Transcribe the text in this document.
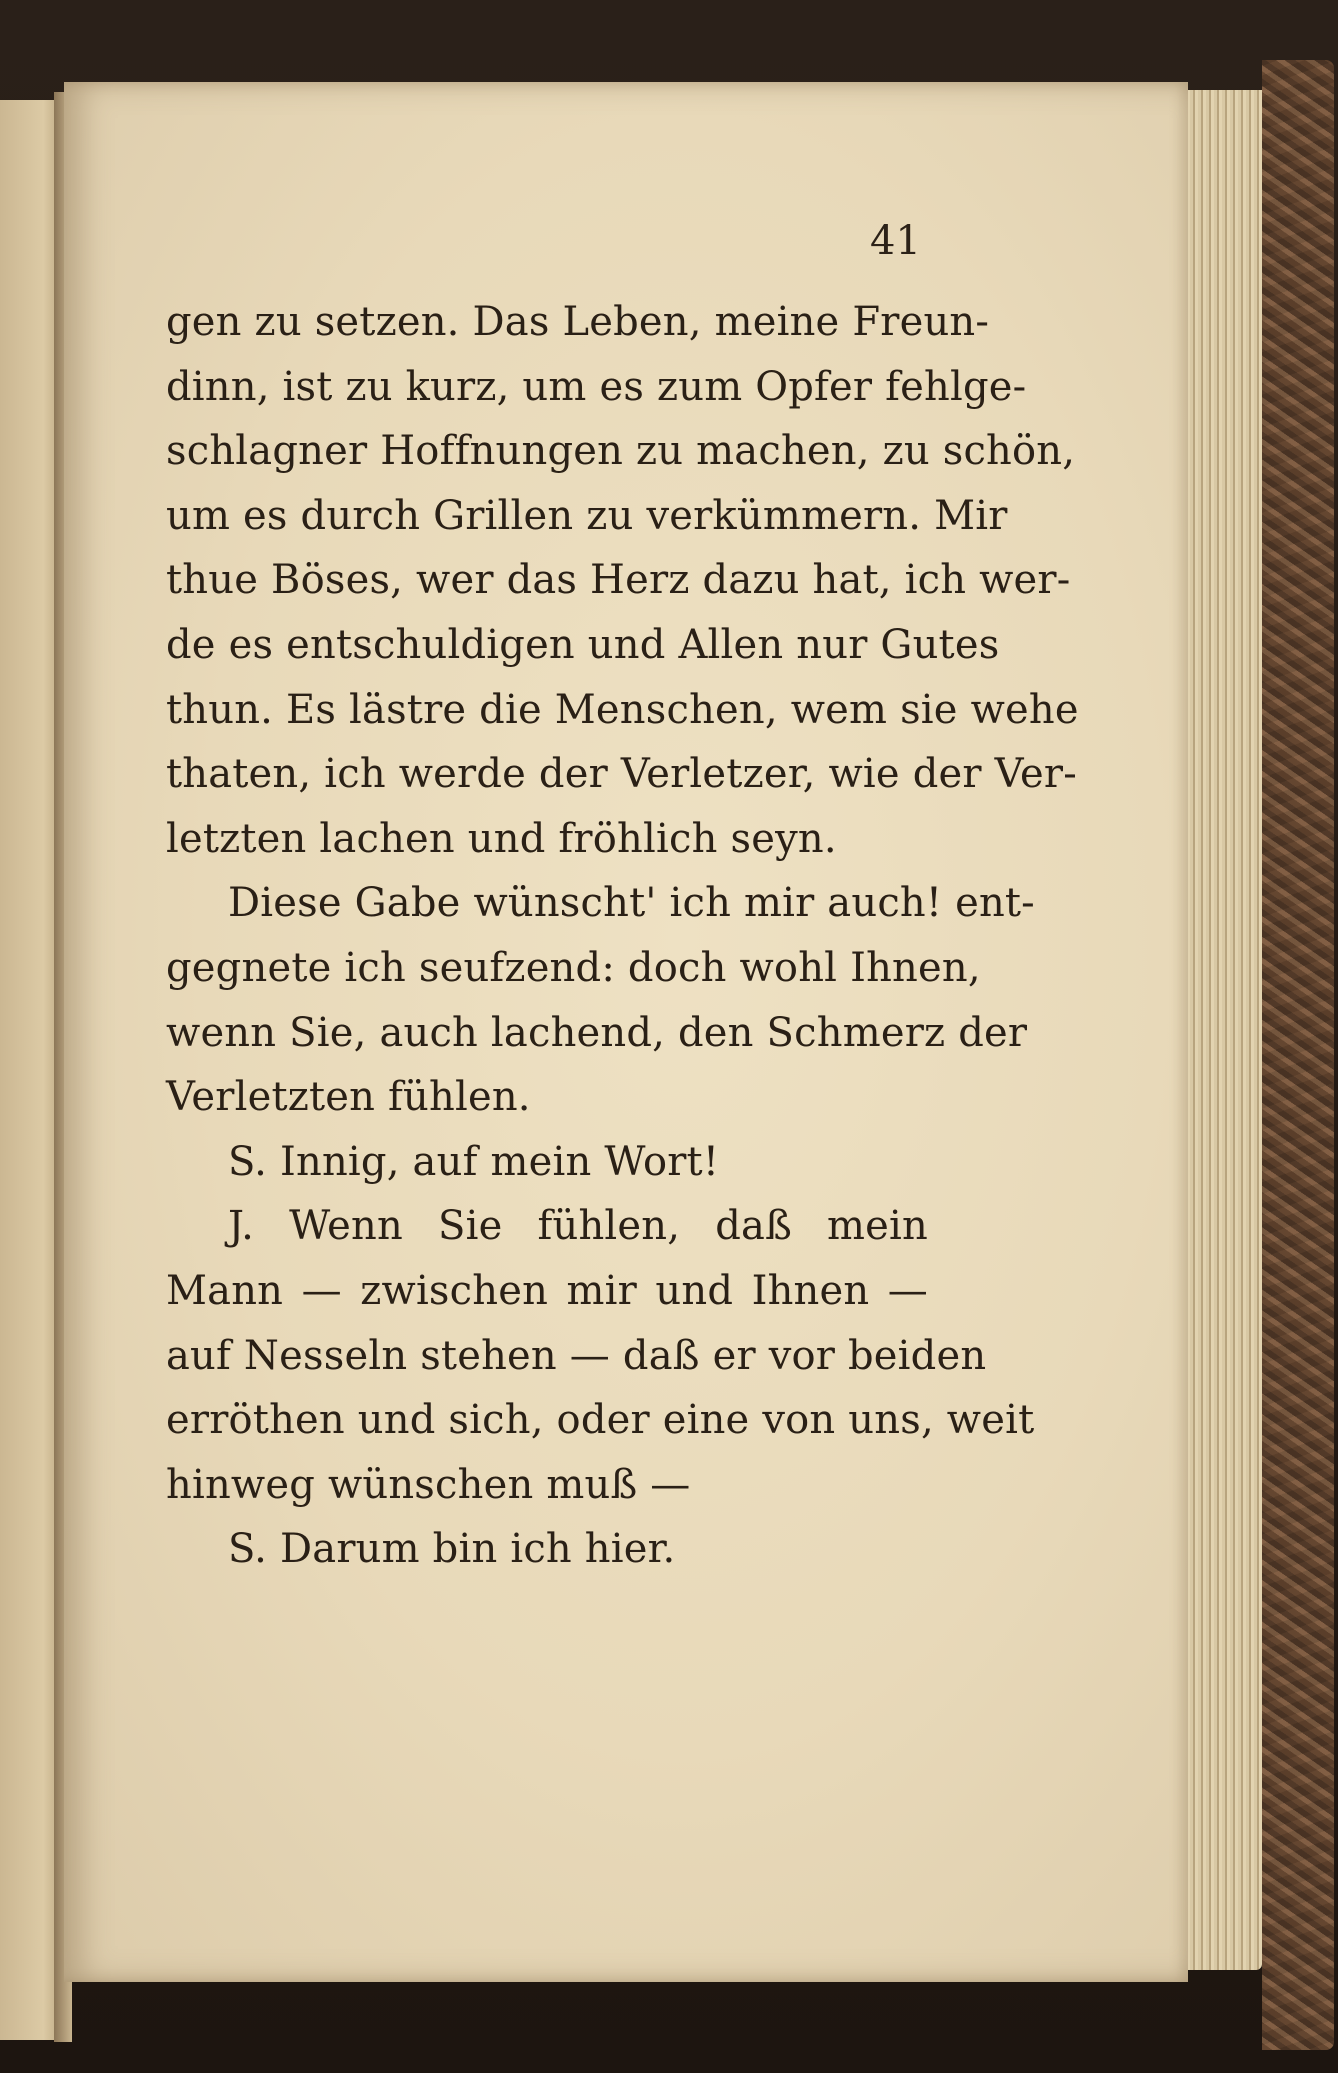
41

gen zu setzen. Das Leben, meine Freun-
dinn, ist zu kurz, um es zum Opfer fehlge-
schlagner Hoffnungen zu machen, zu schön,
um es durch Grillen zu verkümmern. Mir
thue Böses, wer das Herz dazu hat, ich wer-
de es entschuldigen und Allen nur Gutes
thun. Es lästre die Menschen, wem sie wehe
thaten, ich werde der Verletzer, wie der Ver-
letzten lachen und fröhlich seyn.
Diese Gabe wünscht' ich mir auch! ent-
gegnete ich seufzend: doch wohl Ihnen,
wenn Sie, auch lachend, den Schmerz der
Verletzten fühlen.
S. Innig, auf mein Wort!
J. Wenn Sie fühlen, daß mein
Mann — zwischen mir und Ihnen —
auf Nesseln stehen — daß er vor beiden
erröthen und sich, oder eine von uns, weit
hinweg wünschen muß —
S. Darum bin ich hier.
